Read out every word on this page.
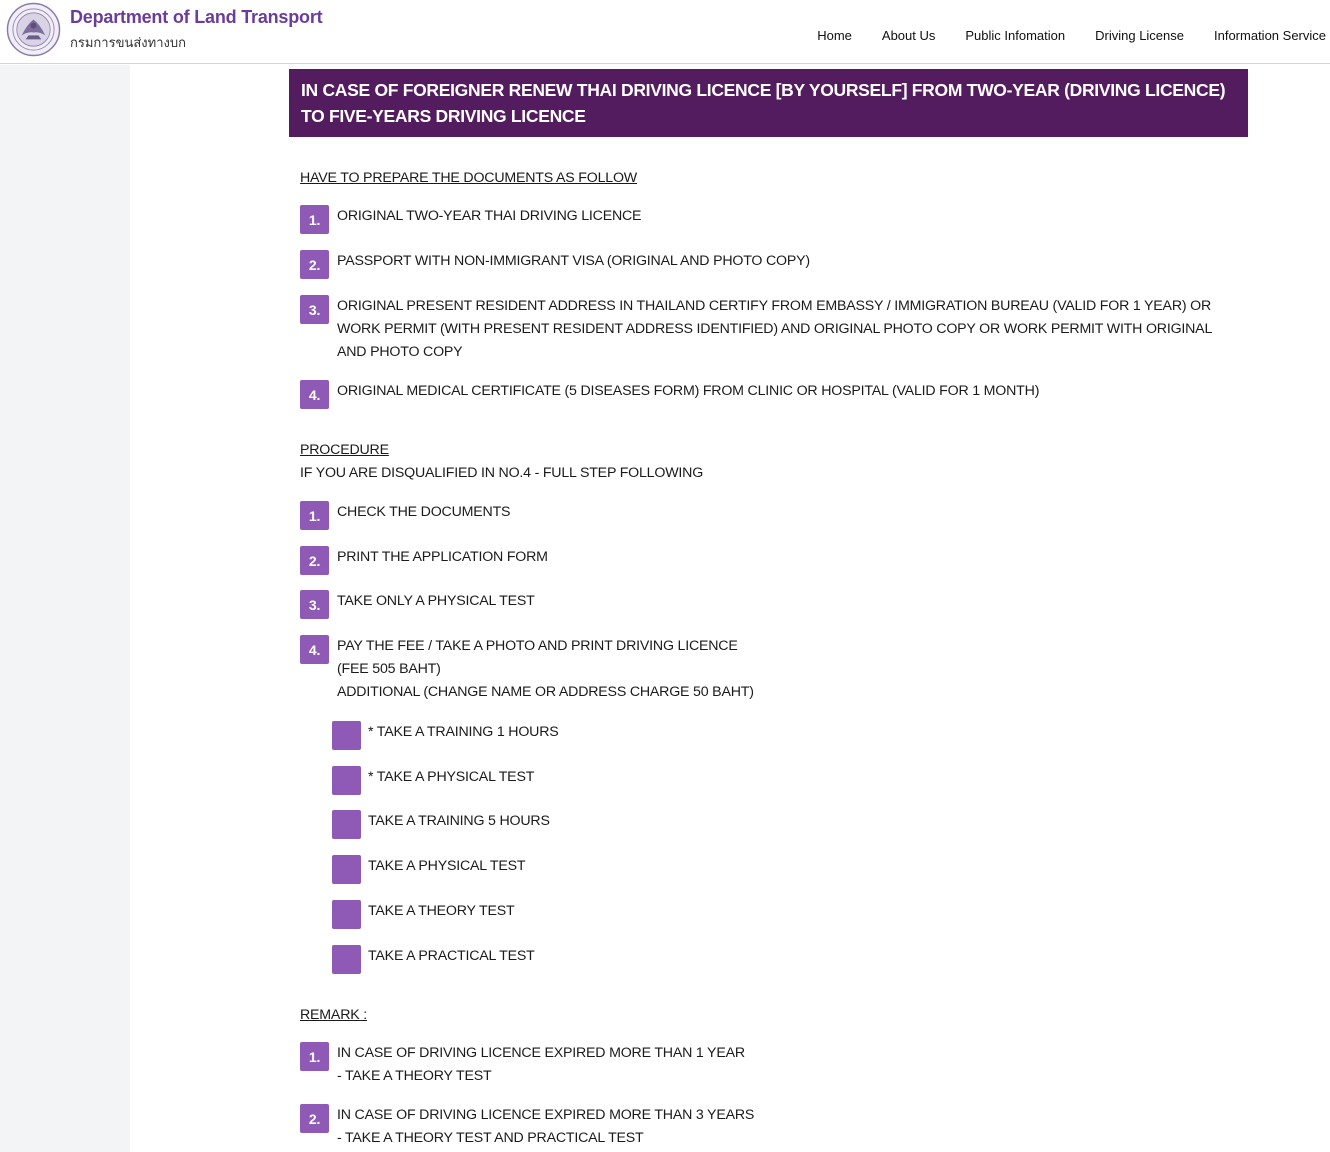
Department of Land Transport
กรมการขนส่งทางบก	Home	About Us	Public Infomation	Driving License	Information Service
IN CASE OF FOREIGNER RENEW THAI DRIVING LICENCE [BY YOURSELF] FROM TWO-YEAR (DRIVING LICENCE) TO FIVE-YEARS DRIVING LICENCE
HAVE TO PREPARE THE DOCUMENTS AS FOLLOW
1.	ORIGINAL TWO-YEAR THAI DRIVING LICENCE
2.	PASSPORT WITH NON-IMMIGRANT VISA (ORIGINAL AND PHOTO COPY)
3.	ORIGINAL PRESENT RESIDENT ADDRESS IN THAILAND CERTIFY FROM EMBASSY / IMMIGRATION BUREAU (VALID FOR 1 YEAR) OR
WORK PERMIT (WITH PRESENT RESIDENT ADDRESS IDENTIFIED) AND ORIGINAL PHOTO COPY OR WORK PERMIT WITH ORIGINAL
AND PHOTO COPY
4.	ORIGINAL MEDICAL CERTIFICATE (5 DISEASES FORM) FROM CLINIC OR HOSPITAL (VALID FOR 1 MONTH)
PROCEDURE
IF YOU ARE DISQUALIFIED IN NO.4 - FULL STEP FOLLOWING
1.	CHECK THE DOCUMENTS
2.	PRINT THE APPLICATION FORM
3.	TAKE ONLY A PHYSICAL TEST
4.	PAY THE FEE / TAKE A PHOTO AND PRINT DRIVING LICENCE
(FEE 505 BAHT)
ADDITIONAL (CHANGE NAME OR ADDRESS CHARGE 50 BAHT)
* TAKE A TRAINING 1 HOURS
* TAKE A PHYSICAL TEST
TAKE A TRAINING 5 HOURS
TAKE A PHYSICAL TEST
TAKE A THEORY TEST
TAKE A PRACTICAL TEST
REMARK :
1.	IN CASE OF DRIVING LICENCE EXPIRED MORE THAN 1 YEAR
- TAKE A THEORY TEST
2.	IN CASE OF DRIVING LICENCE EXPIRED MORE THAN 3 YEARS
- TAKE A THEORY TEST AND PRACTICAL TEST
